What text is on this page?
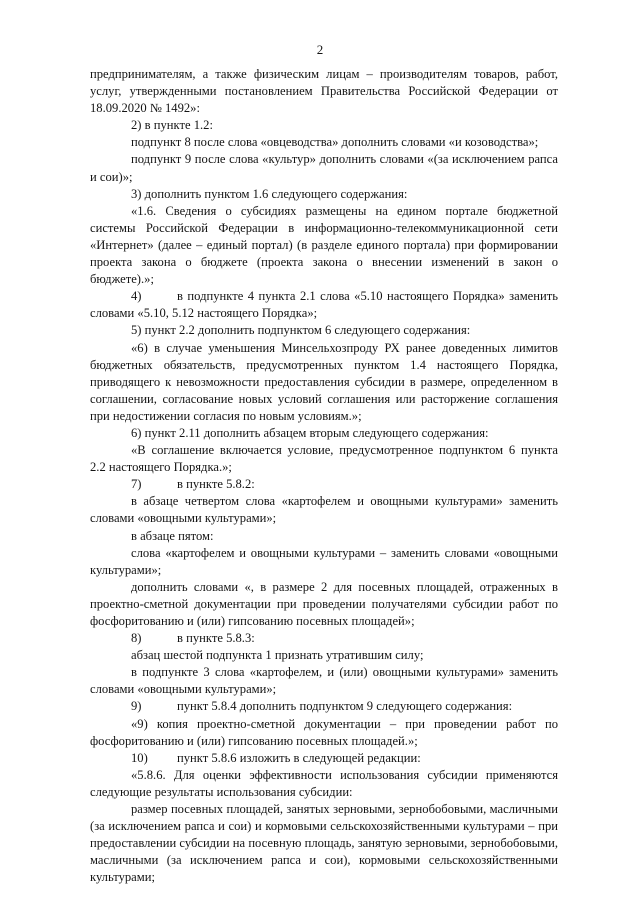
2

предпринимателям, а также физическим лицам – производителям товаров, работ, услуг, утвержденными постановлением Правительства Российской Федерации от 18.09.2020 № 1492»:

2) в пункте 1.2:

подпункт 8 после слова «овцеводства» дополнить словами «и козоводства»;

подпункт 9 после слова «культур» дополнить словами «(за исключением рапса и сои)»;

3) дополнить пунктом 1.6 следующего содержания:

«1.6. Сведения о субсидиях размещены на едином портале бюджетной системы Российской Федерации в информационно-телекоммуникационной сети «Интернет» (далее – единый портал) (в разделе единого портала) при формировании проекта закона о бюджете (проекта закона о внесении изменений в закон о бюджете).»;

4)	в подпункте 4 пункта 2.1 слова «5.10 настоящего Порядка» заменить словами «5.10, 5.12 настоящего Порядка»;

5) пункт 2.2 дополнить подпунктом 6 следующего содержания:

«6) в случае уменьшения Минсельхозпроду РХ ранее доведенных лимитов бюджетных обязательств, предусмотренных пунктом 1.4 настоящего Порядка, приводящего к невозможности предоставления субсидии в размере, определенном в соглашении, согласование новых условий соглашения или расторжение соглашения при недостижении согласия по новым условиям.»;

6) пункт 2.11 дополнить абзацем вторым следующего содержания:

«В соглашение включается условие, предусмотренное подпунктом 6 пункта 2.2 настоящего Порядка.»;

7)	в пункте 5.8.2:

в абзаце четвертом слова «картофелем и овощными культурами» заменить словами «овощными культурами»;

в абзаце пятом:

слова «картофелем и овощными культурами – заменить словами «овощными культурами»;

дополнить словами «, в размере 2 для посевных площадей, отраженных в проектно-сметной документации при проведении получателями субсидии работ по фосфоритованию и (или) гипсованию посевных площадей»;

8)	в пункте 5.8.3:

абзац шестой подпункта 1 признать утратившим силу;

в подпункте 3 слова «картофелем, и (или) овощными культурами» заменить словами «овощными культурами»;

9)	пункт 5.8.4 дополнить подпунктом 9 следующего содержания:

«9) копия проектно-сметной документации – при проведении работ по фосфоритованию и (или) гипсованию посевных площадей.»;

10) пункт 5.8.6 изложить в следующей редакции:

«5.8.6. Для оценки эффективности использования субсидии применяются следующие результаты использования субсидии:

размер посевных площадей, занятых зерновыми, зернобобовыми, масличными (за исключением рапса и сои) и кормовыми сельскохозяйственными культурами – при предоставлении субсидии на посевную площадь, занятую зерновыми, зернобобовыми, масличными (за исключением рапса и сои), кормовыми сельскохозяйственными культурами;
